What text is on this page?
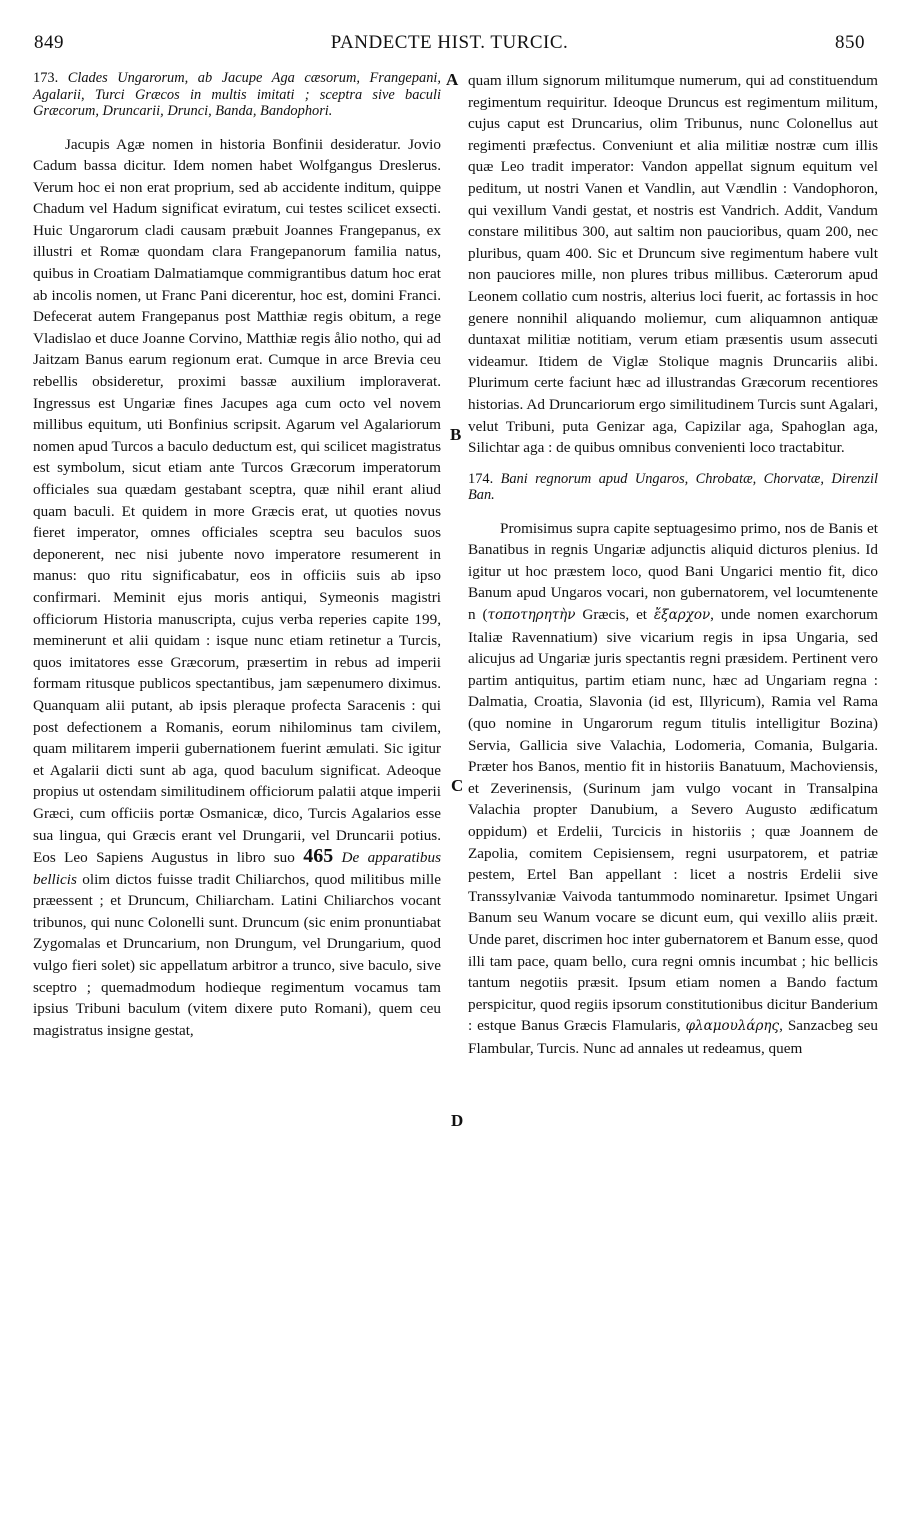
849	PANDECTE HIST. TURCIC.	850
A
B
C
D
173. Clades Ungarorum, ab Jacupe Aga cæsorum, Frangepani, Agalarii, Turci Græcos in multis imitati ; sceptra sive baculi Græcorum, Druncarii, Drunci, Banda, Bandophori.

Jacupis Agæ nomen in historia Bonfinii desideratur. Jovio Cadum bassa dicitur. Idem nomen habet Wolfgangus Dreslerus. Verum hoc ei non erat proprium, sed ab accidente inditum, quippe Chadum vel Hadum significat eviratum, cui testes scilicet exsecti. Huic Ungarorum cladi causam præbuit Joannes Frangepanus, ex illustri et Romæ quondam clara Frangepanorum familia natus, quibus in Croatiam Dalmatiamque commigrantibus datum hoc erat ab incolis nomen, ut Franc Pani dicerentur, hoc est, domini Franci. Defecerat autem Frangepanus post Matthiæ regis obitum, a rege Vladislao et duce Joanne Corvino, Matthiæ regis ålio notho, qui ad Jaitzam Banus earum regionum erat. Cumque in arce Brevia ceu rebellis obsideretur, proximi bassæ auxilium imploraverat. Ingressus est Ungariæ fines Jacupes aga cum octo vel novem millibus equitum, uti Bonfinius scripsit. Agarum vel Agalariorum nomen apud Turcos a baculo deductum est, qui scilicet magistratus est symbolum, sicut etiam ante Turcos Græcorum imperatorum officiales sua quædam gestabant sceptra, quæ nihil erant aliud quam baculi. Et quidem in more Græcis erat, ut quoties novus fieret imperator, omnes officiales sceptra seu baculos suos deponerent, nec nisi jubente novo imperatore resumerent in manus: quo ritu significabatur, eos in officiis suis ab ipso confirmari. Meminit ejus moris antiqui, Symeonis magistri officiorum Historia manuscripta, cujus verba reperies capite 199, meminerunt et alii quidam : isque nunc etiam retinetur a Turcis, quos imitatores esse Græcorum, præsertim in rebus ad imperii formam ritusque publicos spectantibus, jam sæpenumero diximus. Quanquam alii putant, ab ipsis pleraque profecta Saracenis : qui post defectionem a Romanis, eorum nihilominus tam civilem, quam militarem imperii gubernationem fuerint æmulati. Sic igitur et Agalarii dicti sunt ab aga, quod baculum significat. Adeoque propius ut ostendam similitudinem officiorum palatii atque imperii Græci, cum officiis portæ Osmanicæ, dico, Turcis Agalarios esse sua lingua, qui Græcis erant vel Drungarii, vel Druncarii potius. Eos Leo Sapiens Augustus in libro suo 465 De apparatibus bellicis olim dictos fuisse tradit Chiliarchos, quod militibus mille præessent ; et Druncum, Chiliarcham. Latini Chiliarchos vocant tribunos, qui nunc Colonelli sunt. Druncum (sic enim pronuntiabat Zygomalas et Druncarium, non Drungum, vel Drungarium, quod vulgo fieri solet) sic appellatum arbitror a trunco, sive baculo, sive sceptro ; quemadmodum hodieque regimentum vocamus tam ipsius Tribuni baculum (vitem dixere puto Romani), quem ceu magistratus insigne gestat,

quam illum signorum militumque numerum, qui ad constituendum regimentum requiritur. Ideoque Druncus est regimentum militum, cujus caput est Druncarius, olim Tribunus, nunc Colonellus aut regimenti præfectus. Conveniunt et alia militiæ nostræ cum illis quæ Leo tradit imperator: Vandon appellat signum equitum vel peditum, ut nostri Vanen et Vandlin, aut Vændlin : Vandophoron, qui vexillum Vandi gestat, et nostris est Vandrich. Addit, Vandum constare militibus 300, aut saltim non paucioribus, quam 200, nec pluribus, quam 400. Sic et Druncum sive regimentum habere vult non pauciores mille, non plures tribus millibus. Cæterorum apud Leonem collatio cum nostris, alterius loci fuerit, ac fortassis in hoc genere nonnihil aliquando moliemur, cum aliquamnon antiquæ duntaxat militiæ notitiam, verum etiam præsentis usum assecuti videamur. Itidem de Viglæ Stolique magnis Druncariis alibi. Plurimum certe faciunt hæc ad illustrandas Græcorum recentiores historias. Ad Druncariorum ergo similitudinem Turcis sunt Agalari, velut Tribuni, puta Genizar aga, Capizilar aga, Spahoglan aga, Silichtar aga : de quibus omnibus convenienti loco tractabitur.

174. Bani regnorum apud Ungaros, Chrobatæ, Chorvatæ, Direnzil Ban.

Promisimus supra capite septuagesimo primo, nos de Banis et Banatibus in regnis Ungariæ adjunctis aliquid dicturos plenius. Id igitur ut hoc præstem loco, quod Bani Ungarici mentio fit, dico Banum apud Ungaros vocari, non gubernatorem, vel locumtenente n (τοποτηρητὴν Græcis, et ἔξαρχον, unde nomen exarchorum Italiæ Ravennatium) sive vicarium regis in ipsa Ungaria, sed alicujus ad Ungariæ juris spectantis regni præsidem. Pertinent vero partim antiquitus, partim etiam nunc, hæc ad Ungariam regna : Dalmatia, Croatia, Slavonia (id est, Illyricum), Ramia vel Rama (quo nomine in Ungarorum regum titulis intelligitur Bozina) Servia, Gallicia sive Valachia, Lodomeria, Comania, Bulgaria. Præter hos Banos, mentio fit in historiis Banatuum, Machoviensis, et Zeverinensis, (Surinum jam vulgo vocant in Transalpina Valachia propter Danubium, a Severo Augusto ædificatum oppidum) et Erdelii, Turcicis in historiis ; quæ Joannem de Zapolia, comitem Cepisiensem, regni usurpatorem, et patriæ pestem, Ertel Ban appellant : licet a nostris Erdelii sive Transsylvaniæ Vaivoda tantummodo nominaretur. Ipsimet Ungari Banum seu Wanum vocare se dicunt eum, qui vexillo aliis præit. Unde paret, discrimen hoc inter gubernatorem et Banum esse, quod illi tam pace, quam bello, cura regni omnis incumbat ; hic bellicis tantum negotiis præsit. Ipsum etiam nomen a Bando factum perspicitur, quod regiis ipsorum constitutionibus dicitur Banderium : estque Banus Græcis Flamularis, φλαμουλάρης, Sanzacbeg seu Flambular, Turcis. Nunc ad annales ut redeamus, quem
